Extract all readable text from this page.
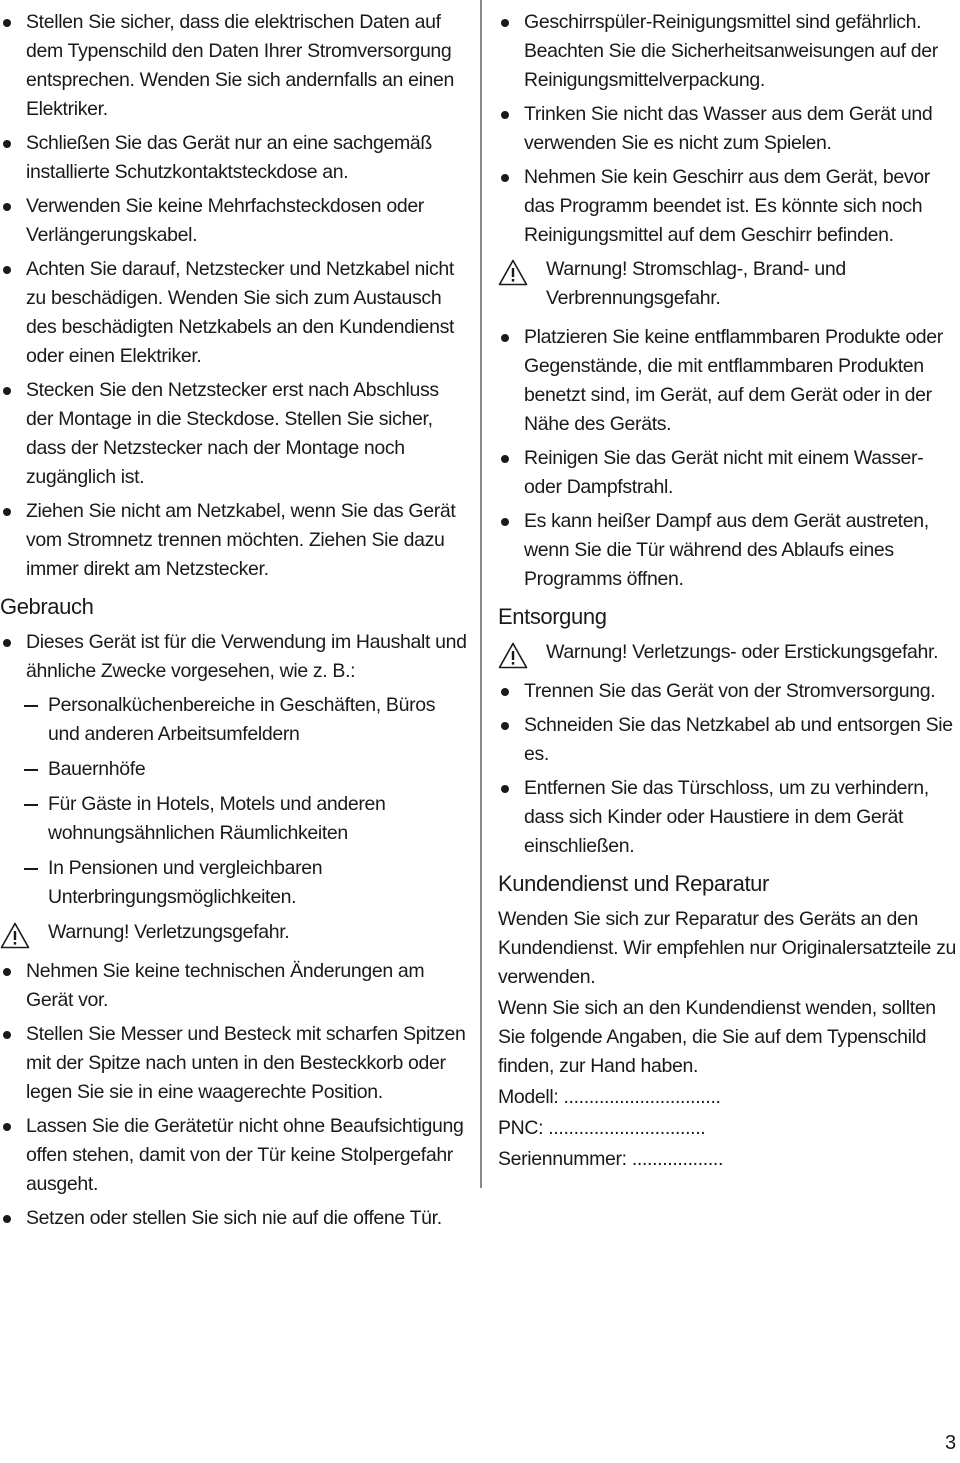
Stellen Sie sicher, dass die elektrischen Daten auf dem Typenschild den Daten Ihrer Stromversorgung entsprechen. Wenden Sie sich andernfalls an einen Elektriker.
Schließen Sie das Gerät nur an eine sachgemäß installierte Schutzkontaktsteckdose an.
Verwenden Sie keine Mehrfachsteckdosen oder Verlängerungskabel.
Achten Sie darauf, Netzstecker und Netzkabel nicht zu beschädigen. Wenden Sie sich zum Austausch des beschädigten Netzkabels an den Kundendienst oder einen Elektriker.
Stecken Sie den Netzstecker erst nach Abschluss der Montage in die Steckdose. Stellen Sie sicher, dass der Netzstecker nach der Montage noch zugänglich ist.
Ziehen Sie nicht am Netzkabel, wenn Sie das Gerät vom Stromnetz trennen möchten. Ziehen Sie dazu immer direkt am Netzstecker.
Gebrauch
Dieses Gerät ist für die Verwendung im Haushalt und ähnliche Zwecke vorgesehen, wie z. B.:
Personalküchenbereiche in Geschäften, Büros und anderen Arbeitsumfeldern
Bauernhöfe
Für Gäste in Hotels, Motels und anderen wohnungsähnlichen Räumlichkeiten
In Pensionen und vergleichbaren Unterbringungsmöglichkeiten.
Warnung! Verletzungsgefahr.
Nehmen Sie keine technischen Änderungen am Gerät vor.
Stellen Sie Messer und Besteck mit scharfen Spitzen mit der Spitze nach unten in den Besteckkorb oder legen Sie sie in eine waagerechte Position.
Lassen Sie die Gerätetür nicht ohne Beaufsichtigung offen stehen, damit von der Tür keine Stolpergefahr ausgeht.
Setzen oder stellen Sie sich nie auf die offene Tür.
Geschirrspüler-Reinigungsmittel sind gefährlich. Beachten Sie die Sicherheitsanweisungen auf der Reinigungsmittelverpackung.
Trinken Sie nicht das Wasser aus dem Gerät und verwenden Sie es nicht zum Spielen.
Nehmen Sie kein Geschirr aus dem Gerät, bevor das Programm beendet ist. Es könnte sich noch Reinigungsmittel auf dem Geschirr befinden.
Warnung! Stromschlag-, Brand- und Verbrennungsgefahr.
Platzieren Sie keine entflammbaren Produkte oder Gegenstände, die mit entflammbaren Produkten benetzt sind, im Gerät, auf dem Gerät oder in der Nähe des Geräts.
Reinigen Sie das Gerät nicht mit einem Wasser- oder Dampfstrahl.
Es kann heißer Dampf aus dem Gerät austreten, wenn Sie die Tür während des Ablaufs eines Programms öffnen.
Entsorgung
Warnung! Verletzungs- oder Erstickungsgefahr.
Trennen Sie das Gerät von der Stromversorgung.
Schneiden Sie das Netzkabel ab und entsorgen Sie es.
Entfernen Sie das Türschloss, um zu verhindern, dass sich Kinder oder Haustiere in dem Gerät einschließen.
Kundendienst und Reparatur
Wenden Sie sich zur Reparatur des Geräts an den Kundendienst. Wir empfehlen nur Originalersatzteile zu verwenden.
Wenn Sie sich an den Kundendienst wenden, sollten Sie folgende Angaben, die Sie auf dem Typenschild finden, zur Hand haben.
Modell: ...............................
PNC: ...............................
Seriennummer: ..................
3
